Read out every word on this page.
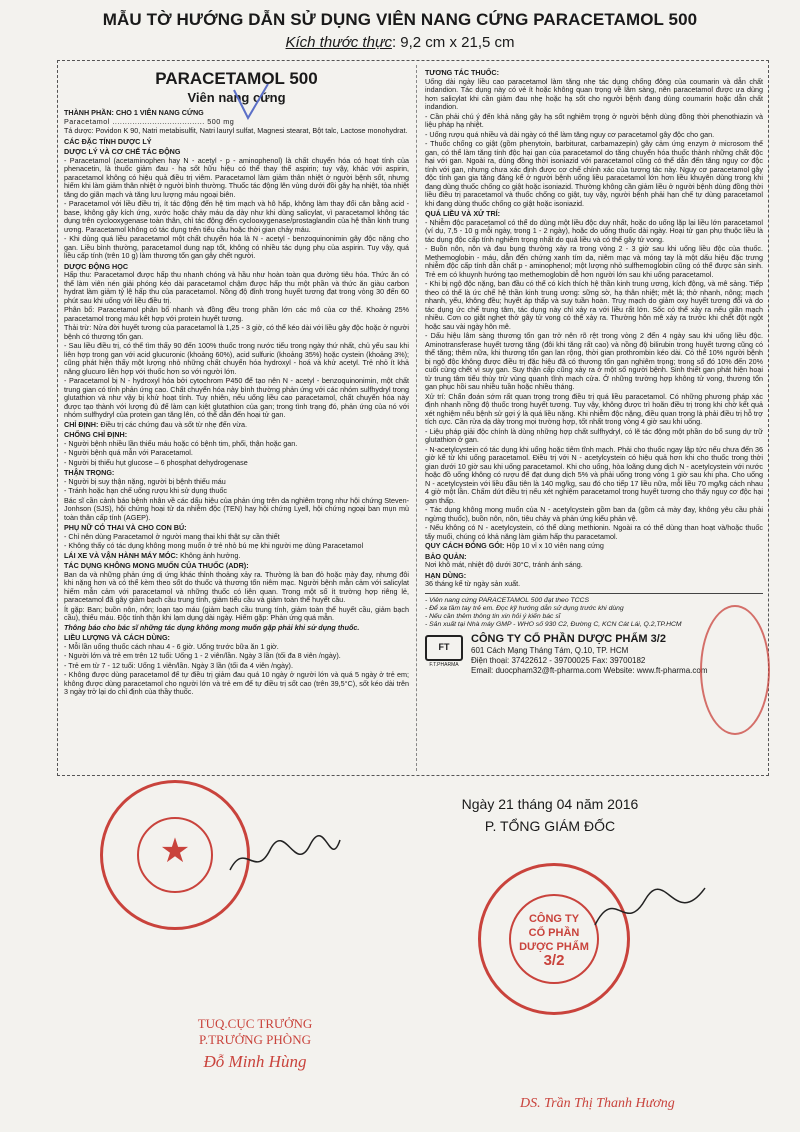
MẪU TỜ HƯỚNG DẪN SỬ DỤNG VIÊN NANG CỨNG PARACETAMOL 500
Kích thước thực: 9,2 cm x 21,5 cm
PARACETAMOL 500
Viên nang cứng
THÀNH PHẦN: CHO 1 VIÊN NANG CỨNG
Paracetamol ..................................... 500 mg
Tá dược: Povidon K 90, Natri metabisulfit, Natri lauryl sulfat, Magnesi stearat, Bột talc, Lactose monohydrat.
CÁC ĐẶC TÍNH DƯỢC LÝ
DƯỢC LÝ VÀ CƠ CHẾ TÁC ĐỘNG
- Paracetamol (acetaminophen hay N - acetyl - p - aminophenol) là chất chuyển hóa có hoạt tính của phenacetin, là thuốc giảm đau - hạ sốt hữu hiệu có thể thay thế aspirin; tuy vậy, khác với aspirin, paracetamol không có hiệu quả điều trị viêm. Paracetamol làm giảm thân nhiệt ở người bệnh sốt, nhưng hiếm khi làm giảm thân nhiệt ở người bình thường. Thuốc tác động lên vùng dưới đồi gây hạ nhiệt, tỏa nhiệt tăng do giãn mạch và tăng lưu lượng máu ngoại biên.
- Paracetamol với liều điều trị, ít tác động đến hệ tim mạch và hô hấp, không làm thay đổi cân bằng acid - base, không gây kích ứng, xước hoặc chảy máu dạ dày như khi dùng salicylat, vì paracetamol không tác dụng trên cyclooxygenase toàn thân, chỉ tác động đến cyclooxygenase/prostaglandin của hệ thần kinh trung ương. Paracetamol không có tác dụng trên tiểu cầu hoặc thời gian chảy máu.
- Khi dùng quá liều paracetamol một chất chuyển hóa là N - acetyl - benzoquinonimin gây độc nặng cho gan. Liều bình thường, paracetamol dung nạp tốt, không có nhiều tác dụng phụ của aspirin. Tuy vậy, quá liều cấp tính (trên 10 g) làm thương tổn gan gây chết người.
DƯỢC ĐỘNG HỌC
Hấp thu: Paracetamol được hấp thu nhanh chóng và hầu như hoàn toàn qua đường tiêu hóa. Thức ăn có thể làm viên nén giải phóng kéo dài paracetamol chậm được hấp thu một phần và thức ăn giàu carbon hydrat làm giảm tỷ lệ hấp thu của paracetamol. Nồng độ đỉnh trong huyết tương đạt trong vòng 30 đến 60 phút sau khi uống với liều điều trị.
Phân bố: Paracetamol phân bố nhanh và đồng đều trong phần lớn các mô của cơ thể. Khoảng 25% paracetamol trong máu kết hợp với protein huyết tương.
Thải trừ: Nửa đời huyết tương của paracetamol là 1,25 - 3 giờ, có thể kéo dài với liều gây độc hoặc ở người bệnh có thương tổn gan.
- Sau liều điều trị, có thể tìm thấy 90 đến 100% thuốc trong nước tiểu trong ngày thứ nhất, chủ yếu sau khi liên hợp trong gan với acid glucuronic (khoảng 60%), acid sulfuric (khoảng 35%) hoặc cystein (khoảng 3%); cũng phát hiện thấy một lượng nhỏ những chất chuyển hóa hydroxyl - hoá và khử acetyl. Trẻ nhỏ ít khả năng glucuro liên hợp với thuốc hơn so với người lớn.
- Paracetamol bị N - hydroxyl hóa bởi cytochrom P450 để tạo nên N - acetyl - benzoquinonimin, một chất trung gian có tính phản ứng cao. Chất chuyển hóa này bình thường phản ứng với các nhóm sulfhydryl trong glutathion và như vậy bị khử hoạt tính. Tuy nhiên, nếu uống liều cao paracetamol, chất chuyển hóa này được tạo thành với lượng đủ để làm cạn kiệt glutathion của gan; trong tình trạng đó, phản ứng của nó với nhóm sulfhydryl của protein gan tăng lên, có thể dẫn đến hoại tử gan.
CHỈ ĐỊNH: Điều trị các chứng đau và sốt từ nhẹ đến vừa.
CHỐNG CHỈ ĐỊNH:
- Người bệnh nhiều lần thiếu máu hoặc có bệnh tim, phổi, thận hoặc gan.
- Người bệnh quá mẫn với Paracetamol.
- Người bị thiếu hụt glucose – 6 phosphat dehydrogenase
THẬN TRỌNG:
- Người bị suy thận nặng, người bị bệnh thiếu máu
- Tránh hoặc hạn chế uống rượu khi sử dụng thuốc
Bác sĩ cần cảnh báo bệnh nhân về các dấu hiệu của phản ứng trên da nghiêm trọng như hội chứng Steven-Jonhson (SJS), hội chứng hoại tử da nhiễm độc (TEN) hay hội chứng Lyell, hội chứng ngoại ban mụn mủ toàn thân cấp tính (AGEP).
PHỤ NỮ CÓ THAI VÀ CHO CON BÚ:
- Chỉ nên dùng Paracetamol ở người mang thai khi thật sự cần thiết
- Không thấy có tác dụng không mong muốn ở trẻ nhỏ bú mẹ khi người mẹ dùng Paracetamol
LÁI XE VÀ VẬN HÀNH MÁY MÓC: Không ảnh hưởng.
TÁC DỤNG KHÔNG MONG MUỐN CỦA THUỐC (ADR):
Ban da và những phản ứng dị ứng khác thỉnh thoảng xảy ra. Thường là ban đỏ hoặc mày đay, nhưng đôi khi nặng hơn và có thể kèm theo sốt do thuốc và thương tổn niêm mạc. Người bệnh mẫn cảm với salicylat hiếm mẫn cảm với paracetamol và những thuốc có liên quan. Trong một số ít trường hợp riêng lẻ, paracetamol đã gây giảm bạch cầu trung tính, giảm tiểu cầu và giảm toàn thể huyết cầu.
Ít gặp: Ban; buồn nôn, nôn; loạn tạo máu (giảm bạch cầu trung tính, giảm toàn thể huyết cầu, giảm bạch cầu), thiếu máu. Độc tính thận khi lạm dụng dài ngày. Hiếm gặp: Phản ứng quá mẫn.
Thông báo cho bác sĩ những tác dụng không mong muốn gặp phải khi sử dụng thuốc.
LIỀU LƯỢNG VÀ CÁCH DÙNG:
- Mỗi lần uống thuốc cách nhau 4 - 6 giờ. Uống trước bữa ăn 1 giờ.
- Người lớn và trẻ em trên 12 tuổi: Uống 1 - 2 viên/lần. Ngày 3 lần (tối đa 8 viên /ngày).
- Trẻ em từ 7 - 12 tuổi: Uống 1 viên/lần. Ngày 3 lần (tối đa 4 viên /ngày).
- Không được dùng paracetamol để tự điều trị giảm đau quá 10 ngày ở người lớn và quá 5 ngày ở trẻ em; không được dùng paracetamol cho người lớn và trẻ em để tự điều trị sốt cao (trên 39,5°C), sốt kéo dài trên 3 ngày trở lại do chỉ định của thầy thuốc.
TƯƠNG TÁC THUỐC:
Uống dài ngày liều cao paracetamol làm tăng nhẹ tác dụng chống đông của coumarin và dẫn chất indandion. Tác dụng này có vẻ ít hoặc không quan trọng về lâm sàng, nên paracetamol được ưa dùng hơn salicylat khi cần giảm đau nhẹ hoặc hạ sốt cho người bệnh đang dùng coumarin hoặc dẫn chất indandion.
- Cần phải chú ý đến khả năng gây hạ sốt nghiêm trọng ở người bệnh dùng đồng thời phenothiazin và liệu pháp hạ nhiệt.
- Uống rượu quá nhiều và dài ngày có thể làm tăng nguy cơ paracetamol gây độc cho gan.
- Thuốc chống co giật (gồm phenytoin, barbiturat, carbamazepin) gây cảm ứng enzym ở microsom thể gan, có thể làm tăng tính độc hại gan của paracetamol do tăng chuyển hóa thuốc thành những chất độc hại với gan. Ngoài ra, dùng đồng thời isoniazid với paracetamol cũng có thể dẫn đến tăng nguy cơ độc tính với gan, nhưng chưa xác định được cơ chế chính xác của tương tác này. Nguy cơ paracetamol gây độc tính gan gia tăng đáng kể ở người bệnh uống liều paracetamol lớn hơn liều khuyên dùng trong khi đang dùng thuốc chống co giật hoặc isoniazid. Thường không cần giảm liều ở người bệnh dùng đồng thời liều điều trị paracetamol và thuốc chống co giật, tuy vậy, người bệnh phải hạn chế tự dùng paracetamol khi đang dùng thuốc chống co giật hoặc isoniazid.
QUÁ LIỀU VÀ XỬ TRÍ:
- Nhiễm độc paracetamol có thể do dùng một liều độc duy nhất, hoặc do uống lặp lại liều lớn paracetamol (ví dụ, 7,5 - 10 g mỗi ngày, trong 1 - 2 ngày), hoặc do uống thuốc dài ngày. Hoại tử gan phụ thuộc liều là tác dụng độc cấp tính nghiêm trọng nhất do quá liều và có thể gây tử vong.
- Buồn nôn, nôn và đau bụng thường xảy ra trong vòng 2 - 3 giờ sau khi uống liều độc của thuốc. Methemoglobin - máu, dẫn đến chứng xanh tím da, niêm mạc và móng tay là một dấu hiệu đặc trưng nhiễm độc cấp tính dẫn chất p - aminophenol; một lượng nhỏ sulfhemoglobin cũng có thể được sản sinh. Trẻ em có khuynh hướng tạo methemoglobin dễ hơn người lớn sau khi uống paracetamol.
- Khi bị ngộ độc nặng, ban đầu có thể có kích thích hệ thần kinh trung ương, kích động, và mê sảng. Tiếp theo có thể là ức chế hệ thần kinh trung ương: sững sờ, hạ thân nhiệt; mệt lả; thở nhanh, nông; mạch nhanh, yếu, không đều; huyết áp thấp và suy tuần hoàn. Truỵ mạch do giảm oxy huyết tương đối và do tác dụng ức chế trung tâm, tác dụng này chỉ xảy ra với liều rất lớn. Sốc có thể xảy ra nếu giãn mạch nhiều. Cơn co giật nghẹt thở gây tử vong có thể xảy ra. Thường hôn mê xảy ra trước khi chết đột ngột hoặc sau vài ngày hôn mê.
- Dấu hiệu lâm sàng thương tổn gan trở nên rõ rệt trong vòng 2 đến 4 ngày sau khi uống liều độc. Aminotransferase huyết tương tăng (đôi khi tăng rất cao) và nồng độ bilirubin trong huyết tương cũng có thể tăng; thêm nữa, khi thương tổn gan lan rộng, thời gian prothrombin kéo dài. Có thể 10% người bệnh bị ngộ độc không được điều trị đặc hiệu đã có thương tổn gan nghiêm trọng; trong số đó 10% đến 20% cuối cùng chết vì suy gan. Suy thận cấp cũng xảy ra ở một số người bệnh. Sinh thiết gan phát hiện hoại tử trung tâm tiểu thùy trừ vùng quanh tĩnh mạch cửa. Ở những trường hợp không tử vong, thương tổn gan phục hồi sau nhiều tuần hoặc nhiều tháng.
Xử trí: Chẩn đoán sớm rất quan trọng trong điều trị quá liều paracetamol. Có những phương pháp xác định nhanh nồng độ thuốc trong huyết tương. Tuy vậy, không được trì hoãn điều trị trong khi chờ kết quả xét nghiệm nếu bệnh sử gợi ý là quá liều nặng. Khi nhiễm độc nặng, điều quan trọng là phải điều trị hỗ trợ tích cực. Cần rửa dạ dày trong mọi trường hợp, tốt nhất trong vòng 4 giờ sau khi uống.
- Liệu pháp giải độc chính là dùng những hợp chất sulfhydryl, có lẽ tác động một phần do bổ sung dự trữ glutathion ở gan.
- N-acetylcystein có tác dụng khi uống hoặc tiêm tĩnh mạch. Phải cho thuốc ngay lập tức nếu chưa đến 36 giờ kể từ khi uống paracetamol. Điều trị với N - acetylcystein có hiệu quả hơn khi cho thuốc trong thời gian dưới 10 giờ sau khi uống paracetamol. Khi cho uống, hòa loãng dung dịch N - acetylcystein với nước hoặc đồ uống không có rượu để đạt dung dịch 5% và phải uống trong vòng 1 giờ sau khi pha. Cho uống N - acetylcystein với liều đầu tiên là 140 mg/kg, sau đó cho tiếp 17 liều nữa, mỗi liều 70 mg/kg cách nhau 4 giờ một lần. Chấm dứt điều trị nếu xét nghiệm paracetamol trong huyết tương cho thấy nguy cơ độc hại gan thấp.
- Tác dụng không mong muốn của N - acetylcystein gồm ban da (gồm cả mày đay, không yêu cầu phải ngừng thuốc), buồn nôn, nôn, tiêu chảy và phản ứng kiểu phản vệ.
- Nếu không có N - acetylcystein, có thể dùng methionin. Ngoài ra có thể dùng than hoạt và/hoặc thuốc tẩy muối, chúng có khả năng làm giảm hấp thu paracetamol.
QUY CÁCH ĐÓNG GÓI: Hộp 10 vỉ x 10 viên nang cứng
BẢO QUẢN:
Nơi khô mát, nhiệt độ dưới 30°C, tránh ánh sáng.
HẠN DÙNG:
36 tháng kể từ ngày sản xuất.
- Viên nang cứng PARACETAMOL 500 đạt theo TCCS
- Để xa tầm tay trẻ em. Đọc kỹ hướng dẫn sử dụng trước khi dùng
- Nếu cần thêm thông tin xin hỏi ý kiến bác sĩ
- Sản xuất tại Nhà máy GMP - WHO số 930 C2, Đường C, KCN Cát Lái, Q.2,TP.HCM
FT
F.T.PHARMA
CÔNG TY CỔ PHẦN DƯỢC PHẨM 3/2
601 Cách Mạng Tháng Tám, Q.10, TP. HCM
Điện thoại: 37422612 - 39700025 Fax: 39700182
Email: duocpham32@ft-pharma.com Website: www.ft-pharma.com
★
Ngày 21 tháng 04 năm 2016
P. TỔNG GIÁM ĐỐC
CÔNG TY
CỔ PHẦN
DƯỢC PHẨM
3/2
TUQ.CỤC TRƯỞNG
P.TRƯỞNG PHÒNG
Đỗ Minh Hùng
DS. Trần Thị Thanh Hương
